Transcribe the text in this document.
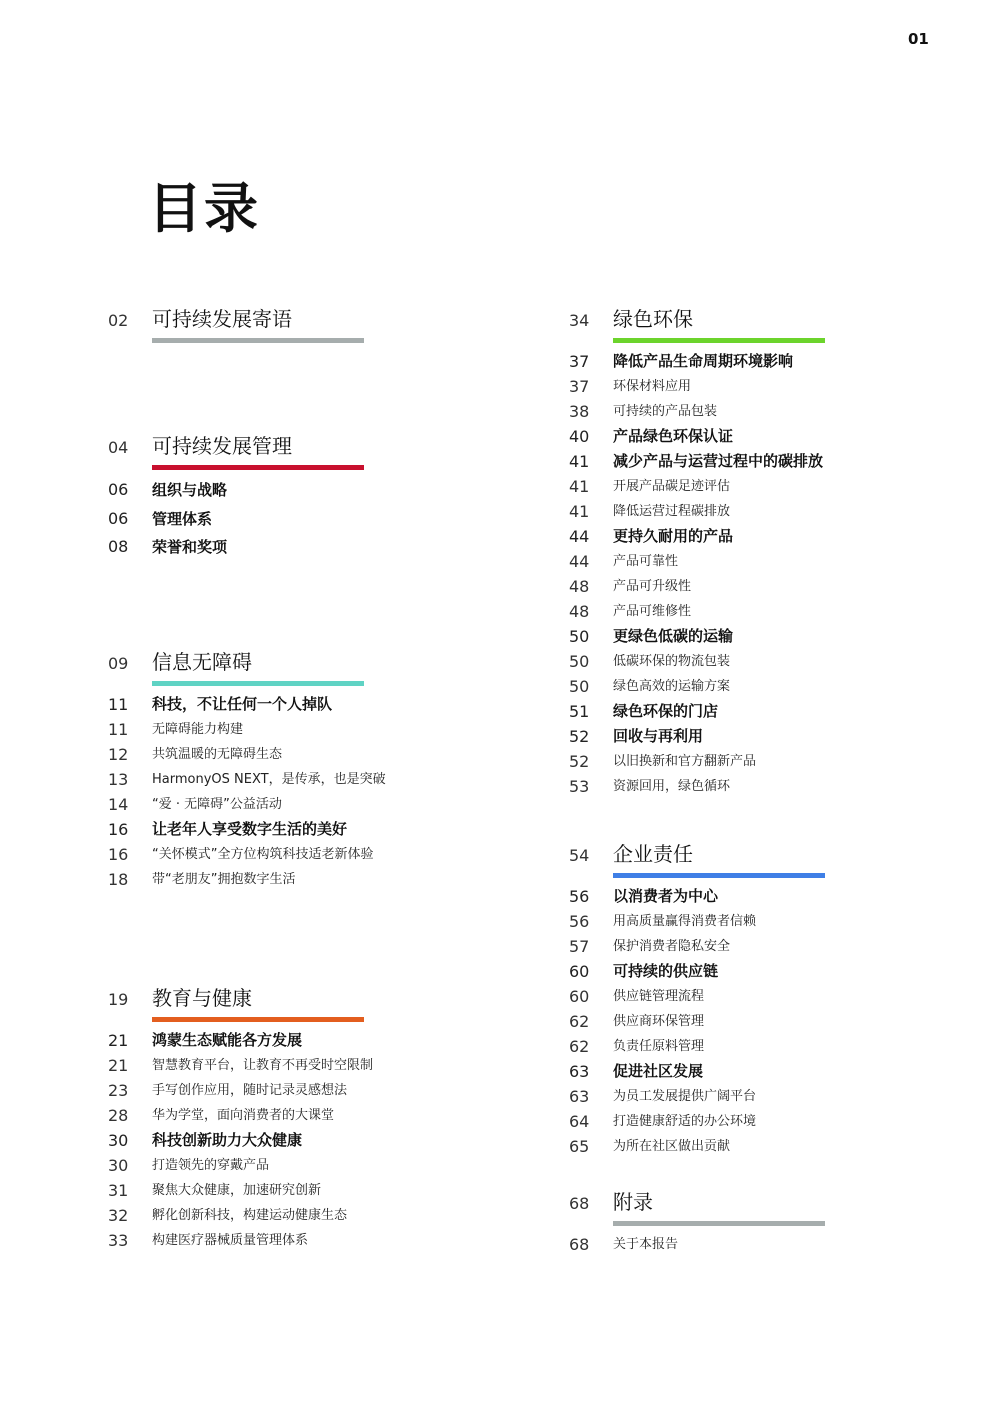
01
目录
02 可持续发展寄语
04 可持续发展管理
06	组织与战略
06	管理体系
08	荣誉和奖项
09 信息无障碍
11	科技，不让任何一个人掉队
11	无障碍能力构建
12	共筑温暖的无障碍生态
13	HarmonyOS NEXT，是传承，也是突破
14	“爱 · 无障碍”公益活动
16	让老年人享受数字生活的美好
16	“关怀模式”全方位构筑科技适老新体验
18	带“老朋友”拥抱数字生活
19 教育与健康
21	鸿蒙生态赋能各方发展
21	智慧教育平台，让教育不再受时空限制
23	手写创作应用，随时记录灵感想法
28	华为学堂，面向消费者的大课堂
30	科技创新助力大众健康
30	打造领先的穿戴产品
31	聚焦大众健康，加速研究创新
32	孵化创新科技，构建运动健康生态
33	构建医疗器械质量管理体系
34 绿色环保
37	降低产品生命周期环境影响
37	环保材料应用
38	可持续的产品包装
40	产品绿色环保认证
41	减少产品与运营过程中的碳排放
41	开展产品碳足迹评估
41	降低运营过程碳排放
44	更持久耐用的产品
44	产品可靠性
48	产品可升级性
48	产品可维修性
50	更绿色低碳的运输
50	低碳环保的物流包装
50	绿色高效的运输方案
51	绿色环保的门店
52	回收与再利用
52	以旧换新和官方翻新产品
53	资源回用，绿色循环
54 企业责任
56	以消费者为中心
56	用高质量赢得消费者信赖
57	保护消费者隐私安全
60	可持续的供应链
60	供应链管理流程
62	供应商环保管理
62	负责任原料管理
63	促进社区发展
63	为员工发展提供广阔平台
64	打造健康舒适的办公环境
65	为所在社区做出贡献
68 附录
68	关于本报告
